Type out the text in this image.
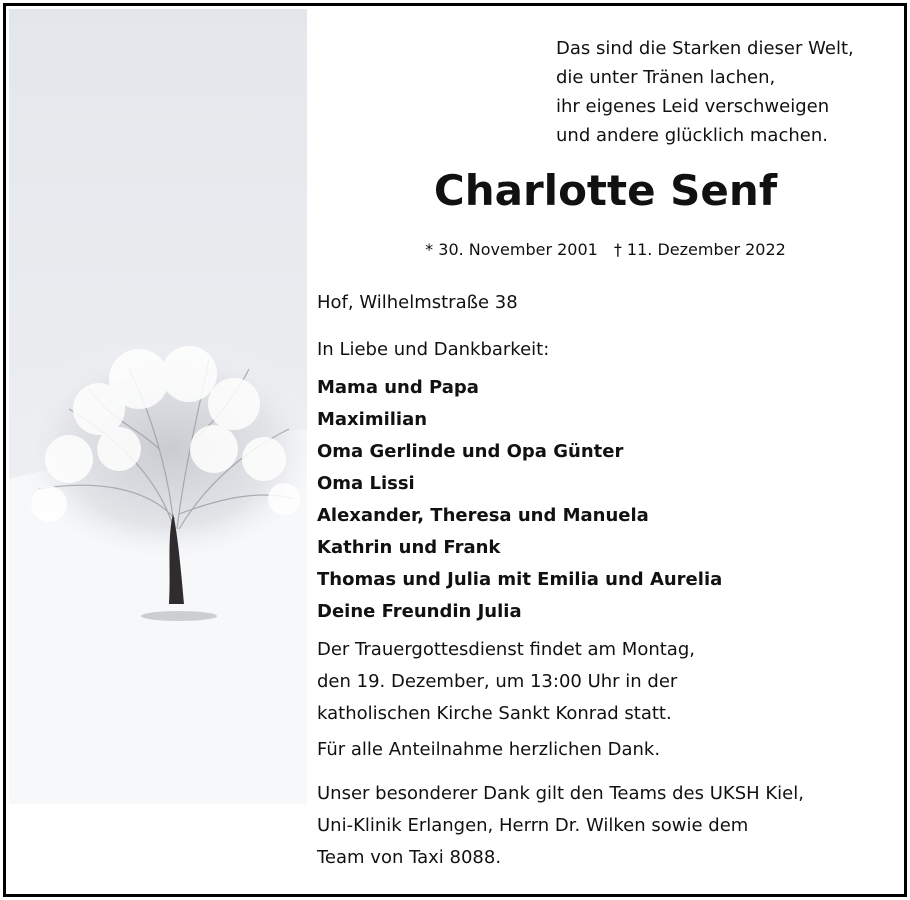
Das sind die Starken dieser Welt,
die unter Tränen lachen,
ihr eigenes Leid verschweigen
und andere glücklich machen.
Charlotte Senf
* 30. November 2001 † 11. Dezember 2022
Hof, Wilhelmstraße 38
In Liebe und Dankbarkeit:
Mama und Papa
Maximilian
Oma Gerlinde und Opa Günter
Oma Lissi
Alexander, Theresa und Manuela
Kathrin und Frank
Thomas und Julia mit Emilia und Aurelia
Deine Freundin Julia
Der Trauergottesdienst findet am Montag,
den 19. Dezember, um 13:00 Uhr in der
katholischen Kirche Sankt Konrad statt.
Für alle Anteilnahme herzlichen Dank.
Unser besonderer Dank gilt den Teams des UKSH Kiel,
Uni-Klinik Erlangen, Herrn Dr. Wilken sowie dem
Team von Taxi 8088.
